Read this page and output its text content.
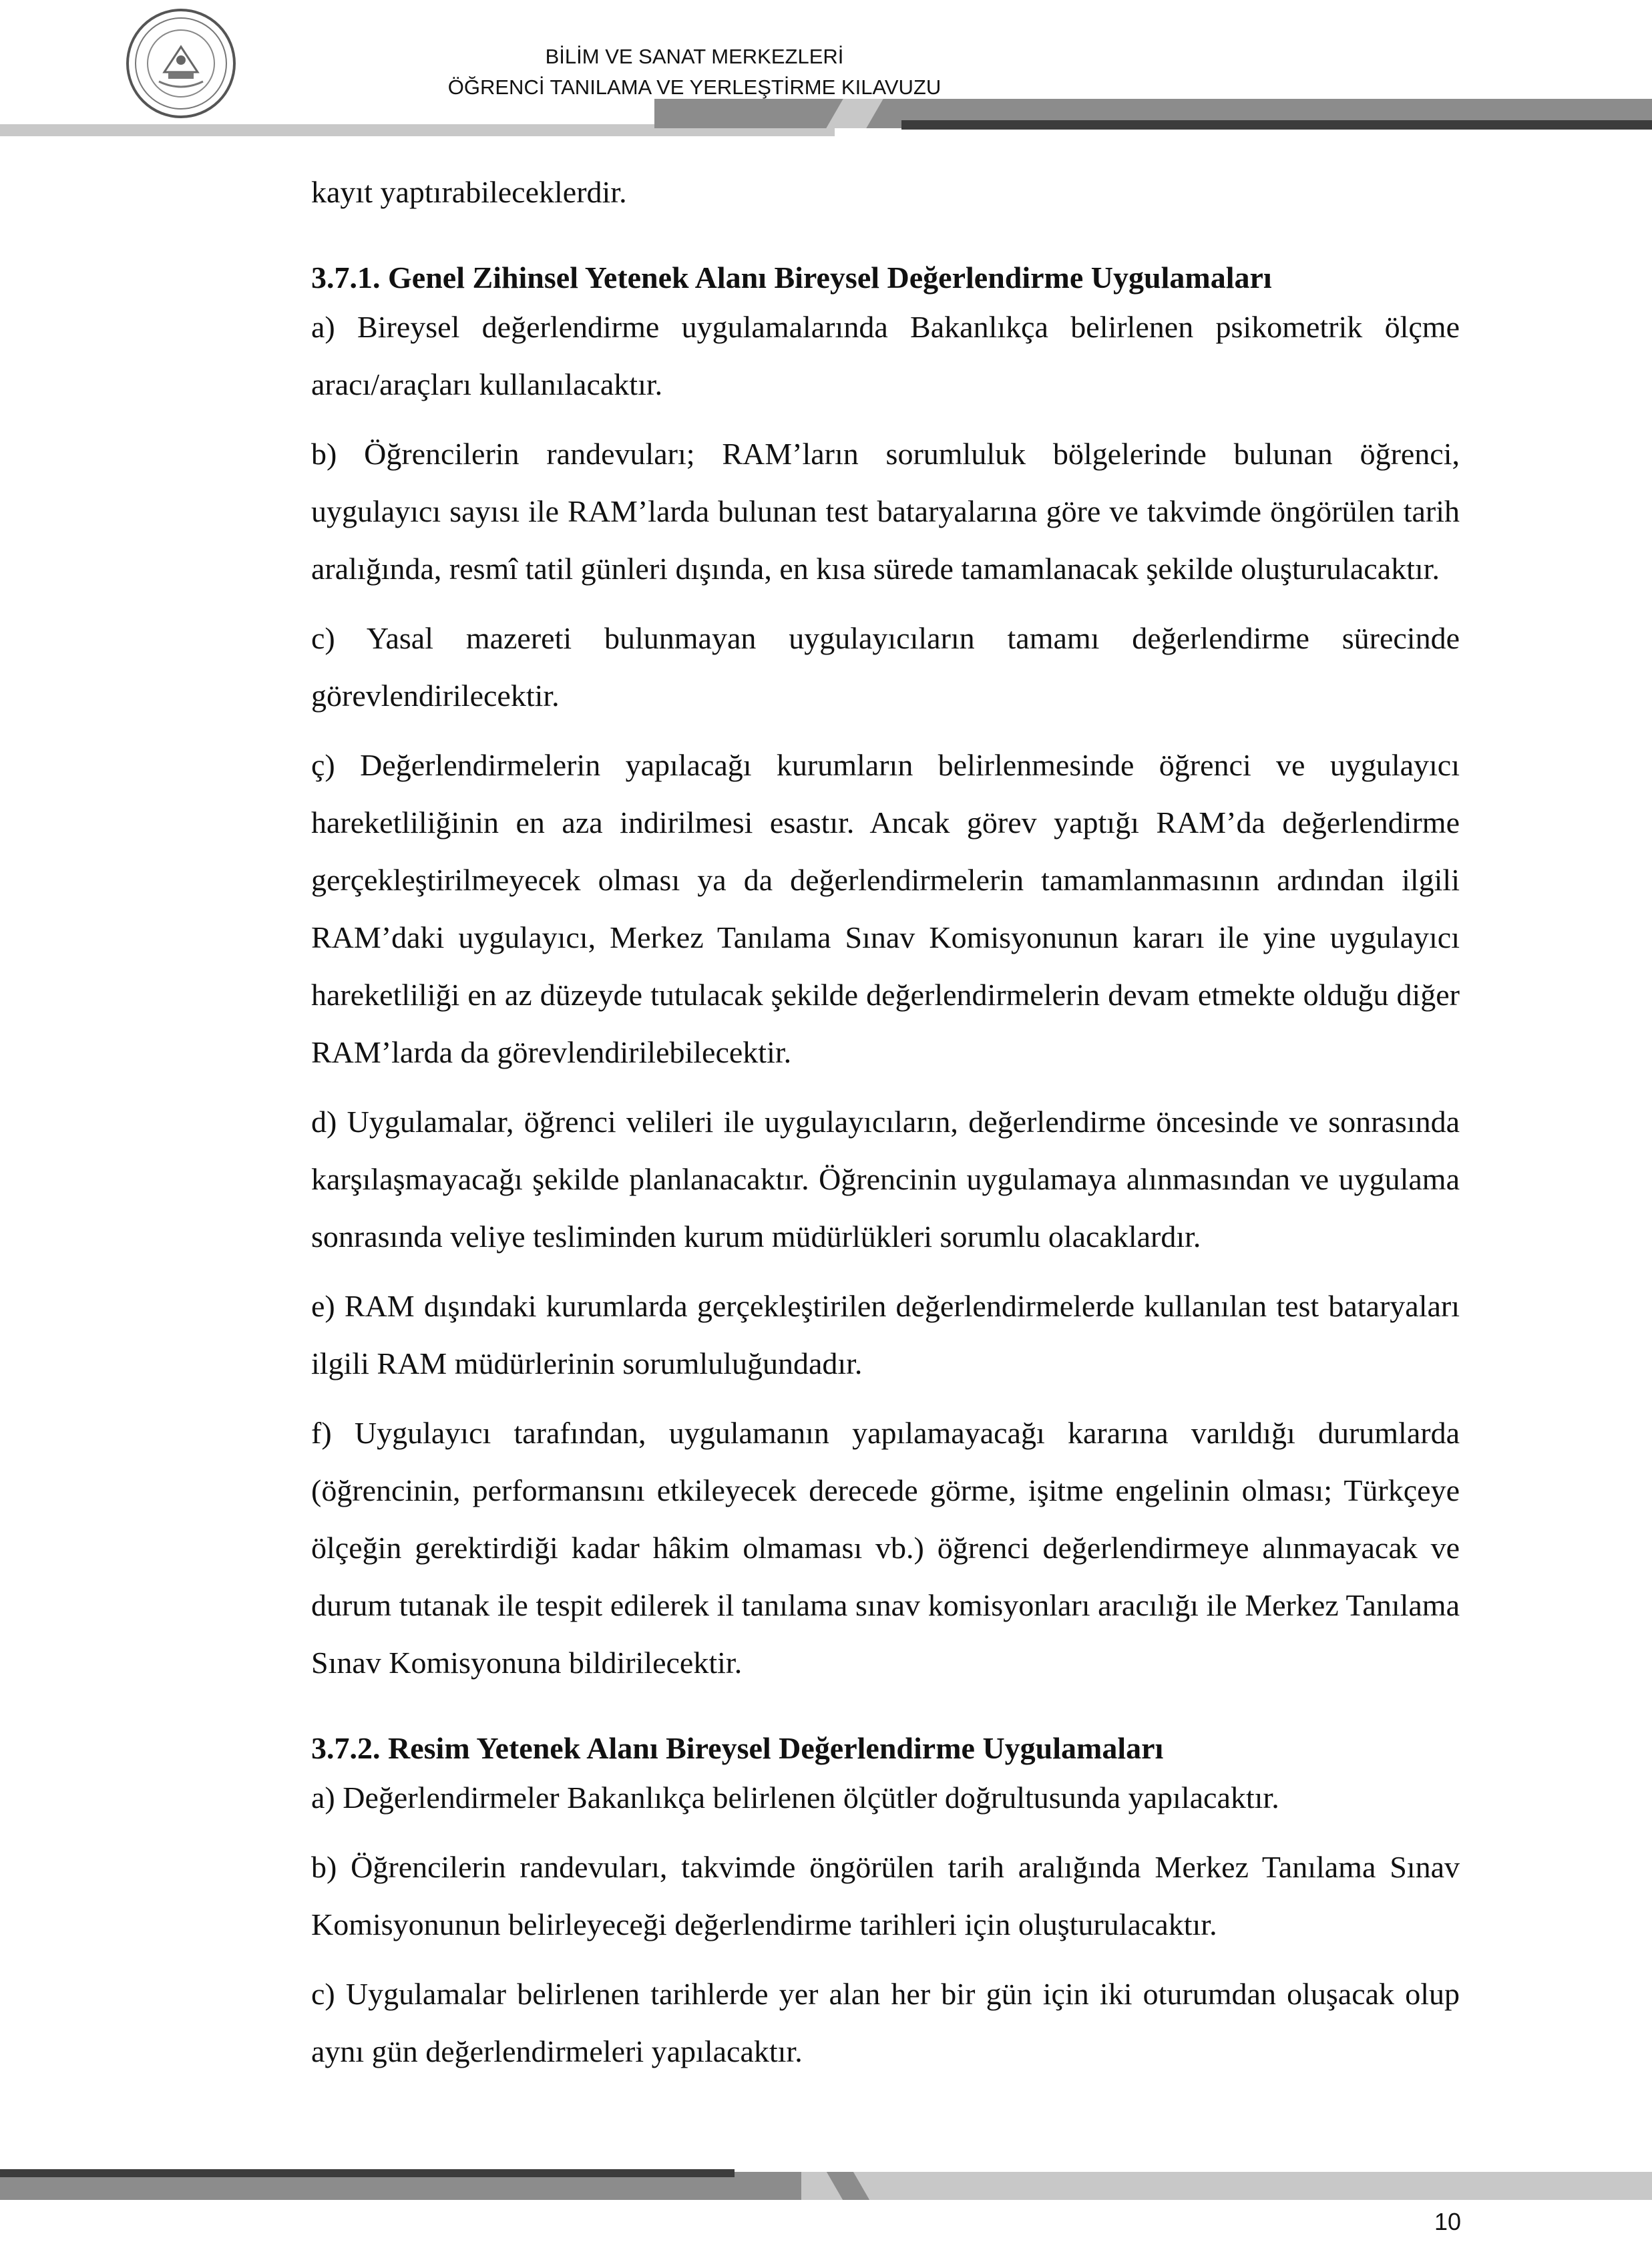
BİLİM VE SANAT MERKEZLERİ
ÖĞRENCİ TANILAMA VE YERLEŞTİRME KILAVUZU

kayıt yaptırabileceklerdir.

3.7.1. Genel Zihinsel Yetenek Alanı Bireysel Değerlendirme Uygulamaları

a) Bireysel değerlendirme uygulamalarında Bakanlıkça belirlenen psikometrik ölçme aracı/araçları kullanılacaktır.

b) Öğrencilerin randevuları; RAM’ların sorumluluk bölgelerinde bulunan öğrenci, uygulayıcı sayısı ile RAM’larda bulunan test bataryalarına göre ve takvimde öngörülen tarih aralığında, resmî tatil günleri dışında, en kısa sürede tamamlanacak şekilde oluşturulacaktır.

c) Yasal mazereti bulunmayan uygulayıcıların tamamı değerlendirme sürecinde görevlendirilecektir.

ç) Değerlendirmelerin yapılacağı kurumların belirlenmesinde öğrenci ve uygulayıcı hareketliliğinin en aza indirilmesi esastır. Ancak görev yaptığı RAM’da değerlendirme gerçekleştirilmeyecek olması ya da değerlendirmelerin tamamlanmasının ardından ilgili RAM’daki uygulayıcı, Merkez Tanılama Sınav Komisyonunun kararı ile yine uygulayıcı hareketliliği en az düzeyde tutulacak şekilde değerlendirmelerin devam etmekte olduğu diğer RAM’larda da görevlendirilebilecektir.

d) Uygulamalar, öğrenci velileri ile uygulayıcıların, değerlendirme öncesinde ve sonrasında karşılaşmayacağı şekilde planlanacaktır. Öğrencinin uygulamaya alınmasından ve uygulama sonrasında veliye tesliminden kurum müdürlükleri sorumlu olacaklardır.

e) RAM dışındaki kurumlarda gerçekleştirilen değerlendirmelerde kullanılan test bataryaları ilgili RAM müdürlerinin sorumluluğundadır.

f) Uygulayıcı tarafından, uygulamanın yapılamayacağı kararına varıldığı durumlarda (öğrencinin, performansını etkileyecek derecede görme, işitme engelinin olması; Türkçeye ölçeğin gerektirdiği kadar hâkim olmaması vb.) öğrenci değerlendirmeye alınmayacak ve durum tutanak ile tespit edilerek il tanılama sınav komisyonları aracılığı ile Merkez Tanılama Sınav Komisyonuna bildirilecektir.

3.7.2. Resim Yetenek Alanı Bireysel Değerlendirme Uygulamaları

a) Değerlendirmeler Bakanlıkça belirlenen ölçütler doğrultusunda yapılacaktır.

b) Öğrencilerin randevuları, takvimde öngörülen tarih aralığında Merkez Tanılama Sınav Komisyonunun belirleyeceği değerlendirme tarihleri için oluşturulacaktır.

c) Uygulamalar belirlenen tarihlerde yer alan her bir gün için iki oturumdan oluşacak olup aynı gün değerlendirmeleri yapılacaktır.

10
